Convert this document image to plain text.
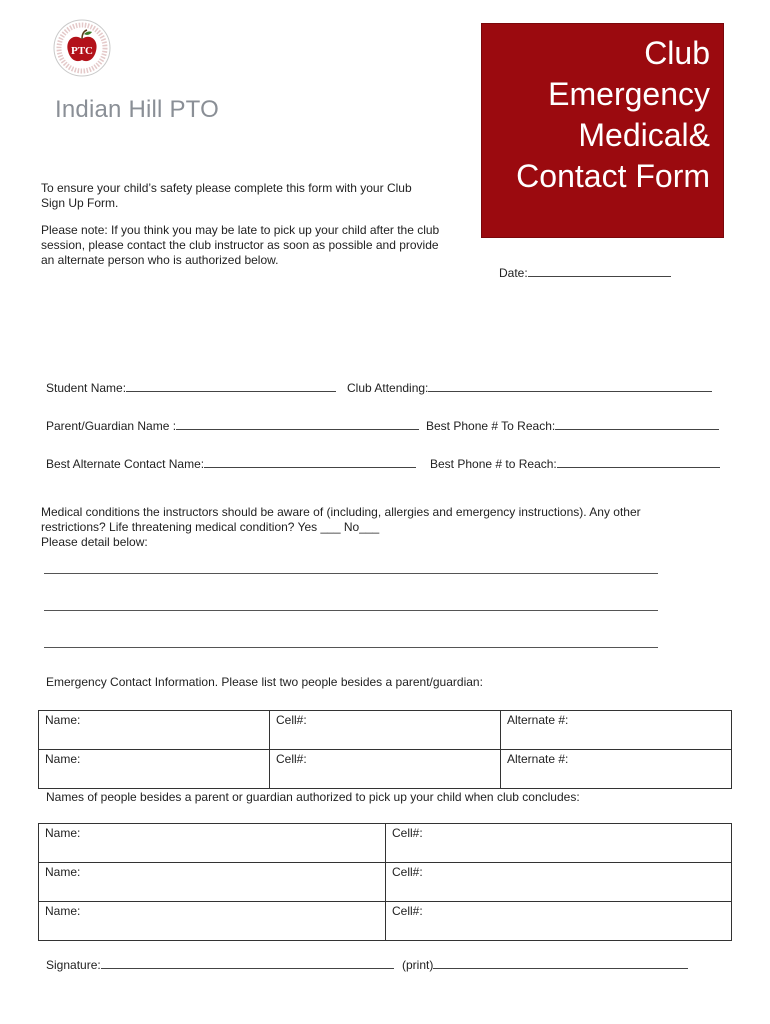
PTC
Indian Hill PTO
Club
Emergency
Medical&
Contact Form
To ensure your child’s safety please complete this form with your Club Sign Up Form.
Please note: If you think you may be late to pick up your child after the club session, please contact the club instructor as soon as possible and provide an alternate person who is authorized below.
Date:
Student Name:	Club Attending:
Parent/Guardian Name :	Best Phone # To Reach:
Best Alternate Contact Name:	Best Phone # to Reach:
Medical conditions the instructors should be aware of (including, allergies and emergency instructions). Any other
restrictions? Life threatening medical condition? Yes ___ No___
Please detail below:
Emergency Contact Information. Please list two people besides a parent/guardian:
Name:	Cell#:	Alternate #:
Name:	Cell#:	Alternate #:
Names of people besides a parent or guardian authorized to pick up your child when club concludes:
Name:	Cell#:
Name:	Cell#:
Name:	Cell#:
Signature:	(print)
